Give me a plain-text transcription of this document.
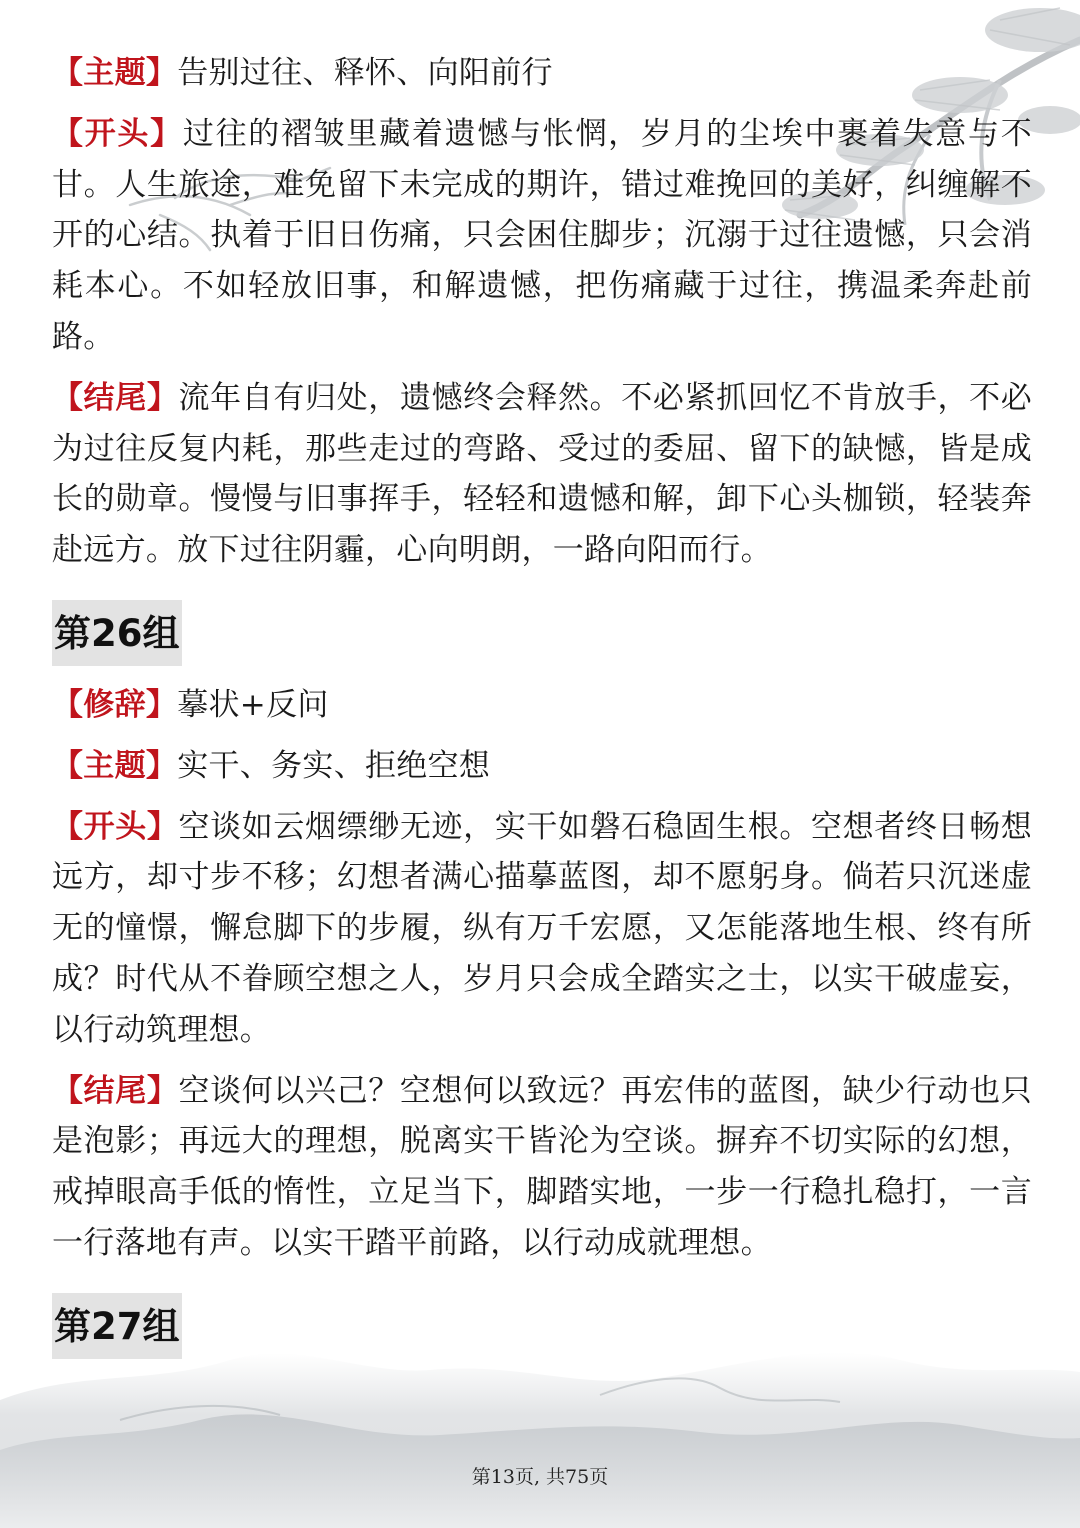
【主题】告别过往、释怀、向阳前行

【开头】过往的褶皱里藏着遗憾与怅惘，岁月的尘埃中裹着失意与不甘。人生旅途，难免留下未完成的期许，错过难挽回的美好，纠缠解不开的心结。执着于旧日伤痛，只会困住脚步；沉溺于过往遗憾，只会消耗本心。不如轻放旧事，和解遗憾，把伤痛藏于过往，携温柔奔赴前路。

【结尾】流年自有归处，遗憾终会释然。不必紧抓回忆不肯放手，不必为过往反复内耗，那些走过的弯路、受过的委屈、留下的缺憾，皆是成长的勋章。慢慢与旧事挥手，轻轻和遗憾和解，卸下心头枷锁，轻装奔赴远方。放下过往阴霾，心向明朗，一路向阳而行。

第26组

【修辞】摹状+反问

【主题】实干、务实、拒绝空想

【开头】空谈如云烟缥缈无迹，实干如磐石稳固生根。空想者终日畅想远方，却寸步不移；幻想者满心描摹蓝图，却不愿躬身。倘若只沉迷虚无的憧憬，懈怠脚下的步履，纵有万千宏愿，又怎能落地生根、终有所成？时代从不眷顾空想之人，岁月只会成全踏实之士，以实干破虚妄，以行动筑理想。

【结尾】空谈何以兴己？空想何以致远？再宏伟的蓝图，缺少行动也只是泡影；再远大的理想，脱离实干皆沦为空谈。摒弃不切实际的幻想，戒掉眼高手低的惰性，立足当下，脚踏实地，一步一行稳扎稳打，一言一行落地有声。以实干踏平前路，以行动成就理想。

第27组
第13页, 共75页
